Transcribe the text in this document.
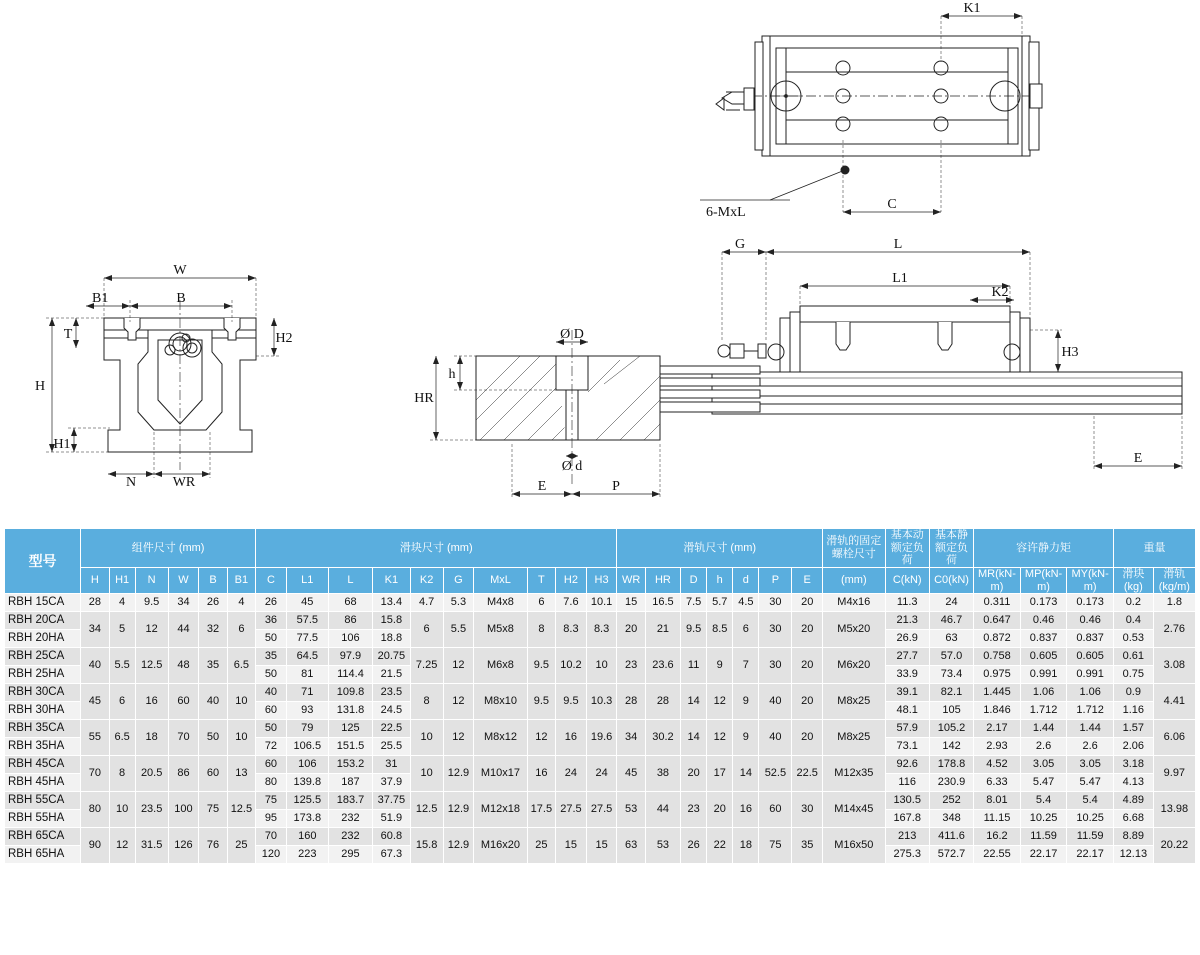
K1
C
6-MxL
W
B1	B
T	H2
H
H1
N	WR
L
G
L1
K2
H3
E
Ø D
Ø d
h
HR
E	P
型号	组件尺寸 (mm)						滑块尺寸 (mm)										滑轨尺寸 (mm)							滑轨的固定螺栓尺寸	基本动额定负荷	基本静额定负荷	容许静力矩			重量	
	H	H1	N	W	B	B1	C	L1	L	K1	K2	G	MxL	T	H2	H3	WR	HR	D	h	d	P	E	(mm)	C(kN)	C0(kN)	MR(kN-m)	MP(kN-m)	MY(kN-m)	滑块(kg)	滑轨(kg/m)
RBH 15CA	28	4	9.5	34	26	4	26	45	68	13.4	4.7	5.3	M4x8	6	7.6	10.1	15	16.5	7.5	5.7	4.5	30	20	M4x16	11.3	24	0.311	0.173	0.173	0.2	1.8
RBH 20CA	34	5	12	44	32	6	36	57.5	86	15.8	6	5.5	M5x8	8	8.3	8.3	20	21	9.5	8.5	6	30	20	M5x20	21.3	46.7	0.647	0.46	0.46	0.4	2.76
RBH 20HA							50	77.5	106	18.8															26.9	63	0.872	0.837	0.837	0.53	
RBH 25CA	40	5.5	12.5	48	35	6.5	35	64.5	97.9	20.75	7.25	12	M6x8	9.5	10.2	10	23	23.6	11	9	7	30	20	M6x20	27.7	57.0	0.758	0.605	0.605	0.61	3.08
RBH 25HA							50	81	114.4	21.5															33.9	73.4	0.975	0.991	0.991	0.75	
RBH 30CA	45	6	16	60	40	10	40	71	109.8	23.5	8	12	M8x10	9.5	9.5	10.3	28	28	14	12	9	40	20	M8x25	39.1	82.1	1.445	1.06	1.06	0.9	4.41
RBH 30HA							60	93	131.8	24.5															48.1	105	1.846	1.712	1.712	1.16	
RBH 35CA	55	6.5	18	70	50	10	50	79	125	22.5	10	12	M8x12	12	16	19.6	34	30.2	14	12	9	40	20	M8x25	57.9	105.2	2.17	1.44	1.44	1.57	6.06
RBH 35HA							72	106.5	151.5	25.5															73.1	142	2.93	2.6	2.6	2.06	
RBH 45CA	70	8	20.5	86	60	13	60	106	153.2	31	10	12.9	M10x17	16	24	24	45	38	20	17	14	52.5	22.5	M12x35	92.6	178.8	4.52	3.05	3.05	3.18	9.97
RBH 45HA							80	139.8	187	37.9															116	230.9	6.33	5.47	5.47	4.13	
RBH 55CA	80	10	23.5	100	75	12.5	75	125.5	183.7	37.75	12.5	12.9	M12x18	17.5	27.5	27.5	53	44	23	20	16	60	30	M14x45	130.5	252	8.01	5.4	5.4	4.89	13.98
RBH 55HA							95	173.8	232	51.9															167.8	348	11.15	10.25	10.25	6.68	
RBH 65CA	90	12	31.5	126	76	25	70	160	232	60.8	15.8	12.9	M16x20	25	15	15	63	53	26	22	18	75	35	M16x50	213	411.6	16.2	11.59	11.59	8.89	20.22
RBH 65HA							120	223	295	67.3															275.3	572.7	22.55	22.17	22.17	12.13	
